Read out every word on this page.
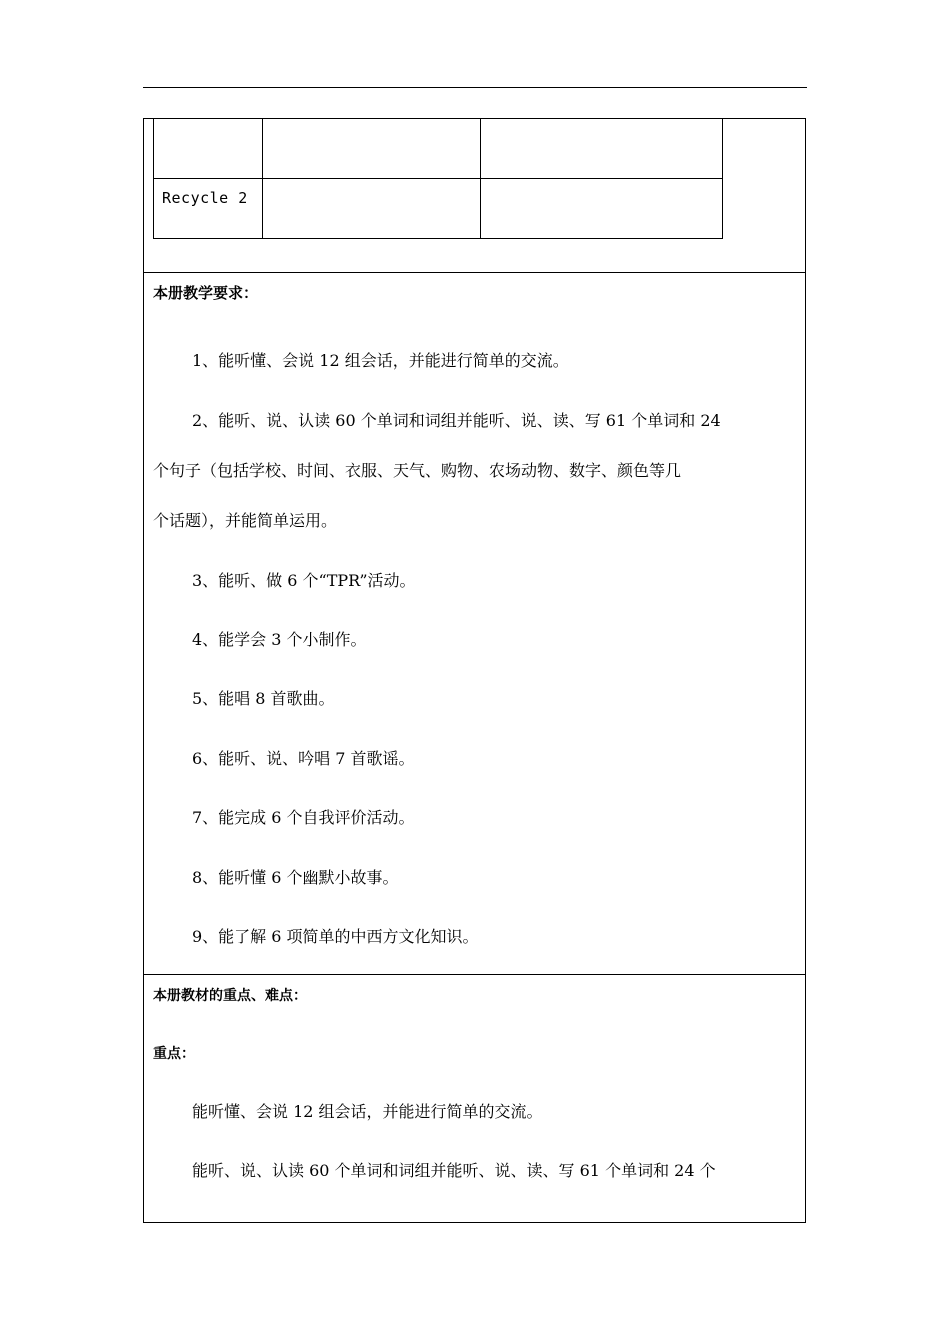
Recycle 2
本册教学要求：
1、能听懂、会说 12 组会话，并能进行简单的交流。
2、能听、说、认读 60 个单词和词组并能听、说、读、写 61 个单词和 24
个句子（包括学校、时间、衣服、天气、购物、农场动物、数字、颜色等几
个话题），并能简单运用。
3、能听、做 6 个“TPR”活动。
4、能学会 3 个小制作。
5、能唱 8 首歌曲。
6、能听、说、吟唱 7 首歌谣。
7、能完成 6 个自我评价活动。
8、能听懂 6 个幽默小故事。
9、能了解 6 项简单的中西方文化知识。
本册教材的重点、难点：
重点：
能听懂、会说 12 组会话，并能进行简单的交流。
能听、说、认读 60 个单词和词组并能听、说、读、写 61 个单词和 24 个
